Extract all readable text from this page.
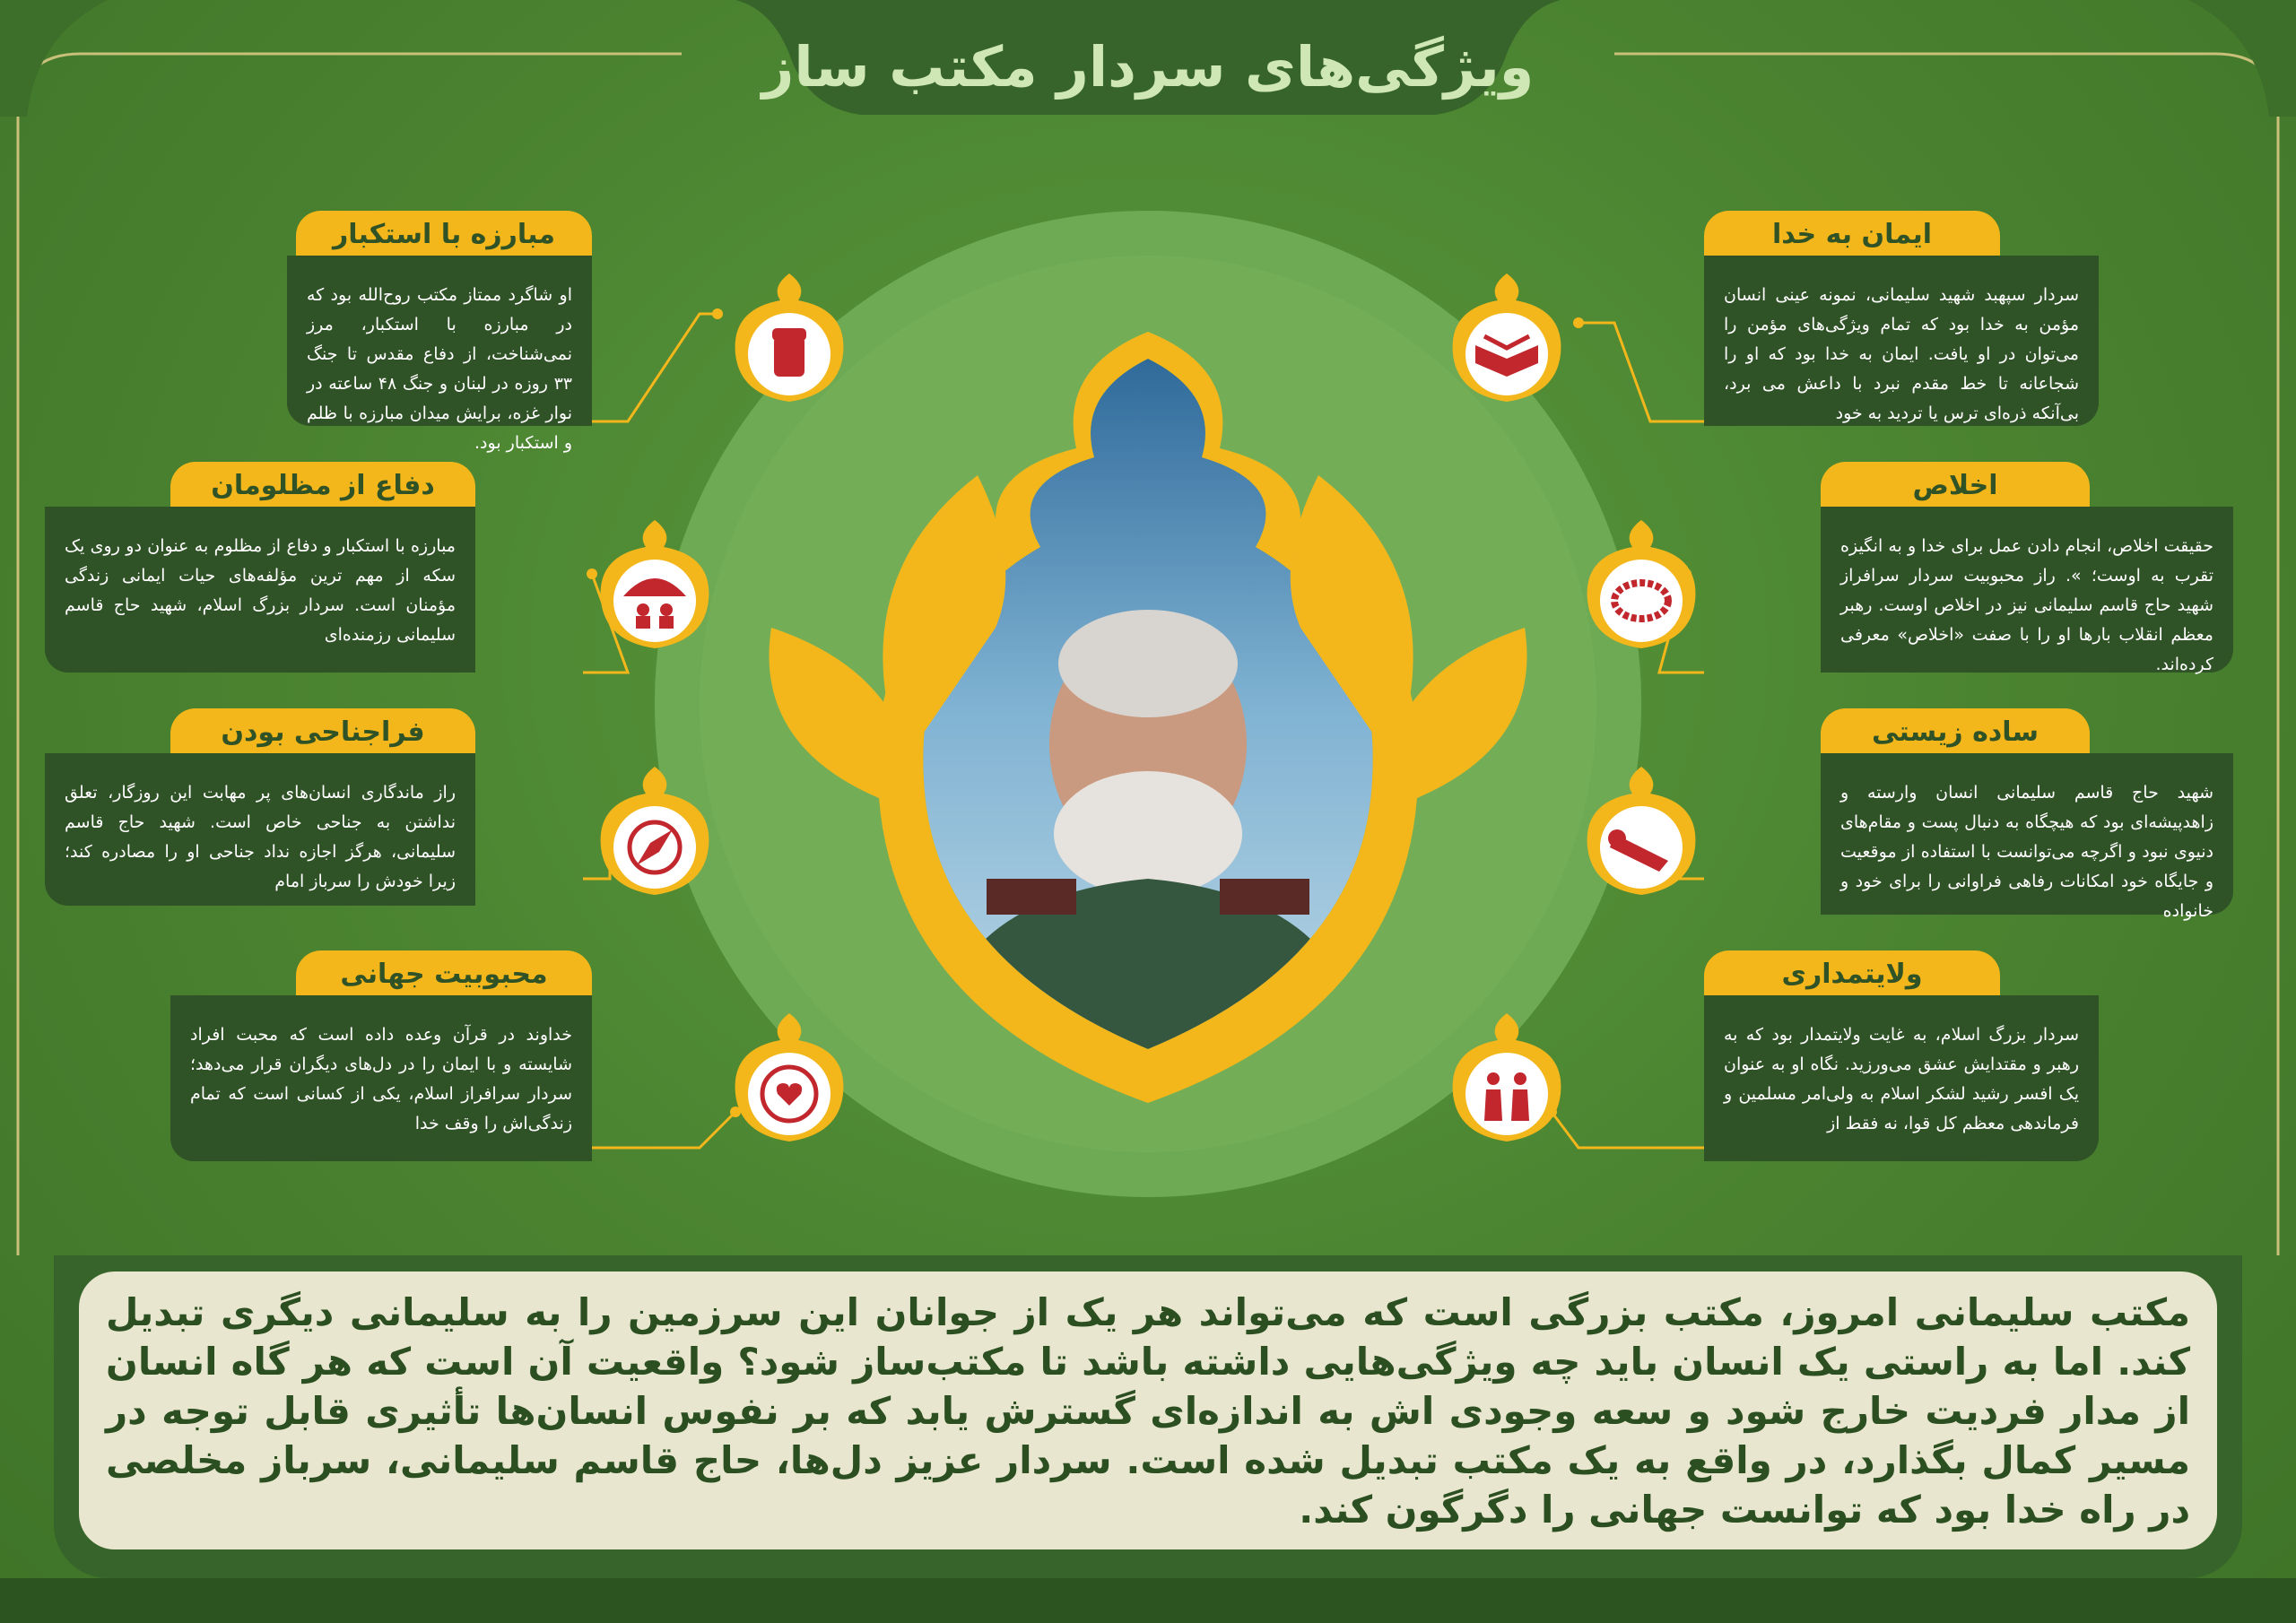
ویژگی‌های سردار مکتب ساز
مبارزه با استکبار
او شاگرد ممتاز مکتب روح‌الله بود که در مبارزه با استکبار، مرز نمی‌شناخت، از دفاع مقدس تا جنگ ۳۳ روزه در لبنان و جنگ ۴۸ ساعته در نوار غزه، برایش میدان مبارزه با ظلم و استکبار بود.
دفاع از مظلومان
مبارزه با استکبار و دفاع از مظلوم به عنوان دو روی یک سکه از مهم ترین مؤلفه‌های حیات ایمانی زندگی مؤمنان است. سردار بزرگ اسلام، شهید حاج قاسم سلیمانی رزمنده‌ای
فراجناحی بودن
راز ماندگاری انسان‌های پر مهابت این روزگار، تعلق نداشتن به جناحی خاص است. شهید حاج قاسم سلیمانی، هرگز اجازه نداد جناحی او را مصادره کند؛ زیرا خودش را سرباز امام
محبوبیت جهانی
خداوند در قرآن وعده داده است که محبت افراد شایسته و با ایمان را در دل‌های دیگران قرار می‌دهد؛ سردار سرافراز اسلام، یکی از کسانی است که تمام زندگی‌اش را وقف خدا
ایمان به خدا
سردار سپهبد شهید سلیمانی، نمونه عینی انسان مؤمن به خدا بود که تمام ویژگی‌های مؤمن را می‌توان در او یافت. ایمان به خدا بود که او را شجاعانه تا خط مقدم نبرد با داعش می برد، بی‌آنکه ذره‌ای ترس یا تردید به خود
اخلاص
حقیقت اخلاص، انجام دادن عمل برای خدا و به انگیزه تقرب به اوست؛ ». راز محبوبیت سردار سرافراز شهید حاج قاسم سلیمانی نیز در اخلاص اوست. رهبر معظم انقلاب بارها او را با صفت «اخلاص» معرفی کرده‌اند.
ساده زیستی
شهید حاج قاسم سلیمانی انسان وارسته و زاهدپیشه‌ای بود که هیچگاه به دنبال پست و مقام‌های دنیوی نبود و اگرچه می‌توانست با استفاده از موقعیت و جایگاه خود امکانات رفاهی فراوانی را برای خود و خانواده
ولایتمداری
سردار بزرگ اسلام، به غایت ولایتمدار بود که به رهبر و مقتدایش عشق می‌ورزید. نگاه او به عنوان یک افسر رشید لشکر اسلام به ولی‌امر مسلمین و فرماندهی معظم کل قوا، نه فقط از
مکتب سلیمانی امروز، مکتب بزرگی است که می‌تواند هر یک از جوانان این سرزمین را به سلیمانی دیگری تبدیل کند. اما به راستی یک انسان باید چه ویژگی‌هایی داشته باشد تا مکتب‌ساز شود؟ واقعیت آن است که هر گاه انسان از مدار فردیت خارج شود و سعه وجودی اش به اندازه‌ای گسترش یابد که بر نفوس انسان‌ها تأثیری قابل توجه در مسیر کمال بگذارد، در واقع به یک مکتب تبدیل شده است. سردار عزیز دل‌ها، حاج قاسم سلیمانی، سرباز مخلصی در راه خدا بود که توانست جهانی را دگرگون کند.
